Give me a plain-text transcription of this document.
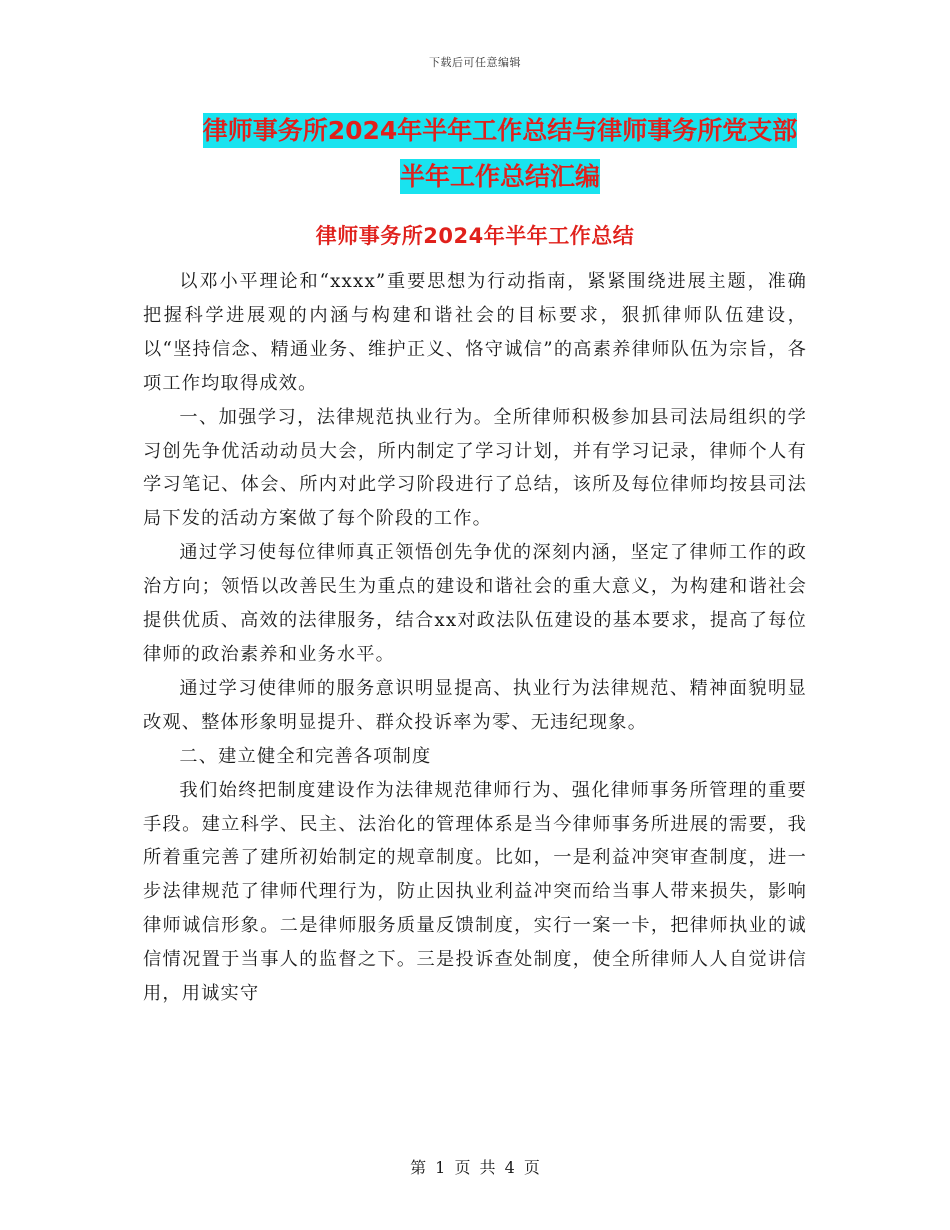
下载后可任意编辑
律师事务所2024年半年工作总结与律师事务所党支部
半年工作总结汇编
律师事务所2024年半年工作总结

以邓小平理论和“xxxx”重要思想为行动指南，紧紧围绕进展主题，准确把握科学进展观的内涵与构建和谐社会的目标要求，狠抓律师队伍建设，以“坚持信念、精通业务、维护正义、恪守诚信”的高素养律师队伍为宗旨，各项工作均取得成效。

一、加强学习，法律规范执业行为。全所律师积极参加县司法局组织的学习创先争优活动动员大会，所内制定了学习计划，并有学习记录，律师个人有学习笔记、体会、所内对此学习阶段进行了总结，该所及每位律师均按县司法局下发的活动方案做了每个阶段的工作。

通过学习使每位律师真正领悟创先争优的深刻内涵，坚定了律师工作的政治方向；领悟以改善民生为重点的建设和谐社会的重大意义，为构建和谐社会提供优质、高效的法律服务，结合xx对政法队伍建设的基本要求，提高了每位律师的政治素养和业务水平。

通过学习使律师的服务意识明显提高、执业行为法律规范、精神面貌明显改观、整体形象明显提升、群众投诉率为零、无违纪现象。

二、建立健全和完善各项制度

我们始终把制度建设作为法律规范律师行为、强化律师事务所管理的重要手段。建立科学、民主、法治化的管理体系是当今律师事务所进展的需要，我所着重完善了建所初始制定的规章制度。比如，一是利益冲突审查制度，进一步法律规范了律师代理行为，防止因执业利益冲突而给当事人带来损失，影响律师诚信形象。二是律师服务质量反馈制度，实行一案一卡，把律师执业的诚信情况置于当事人的监督之下。三是投诉查处制度，使全所律师人人自觉讲信用，用诚实守

第 1 页 共 4 页
